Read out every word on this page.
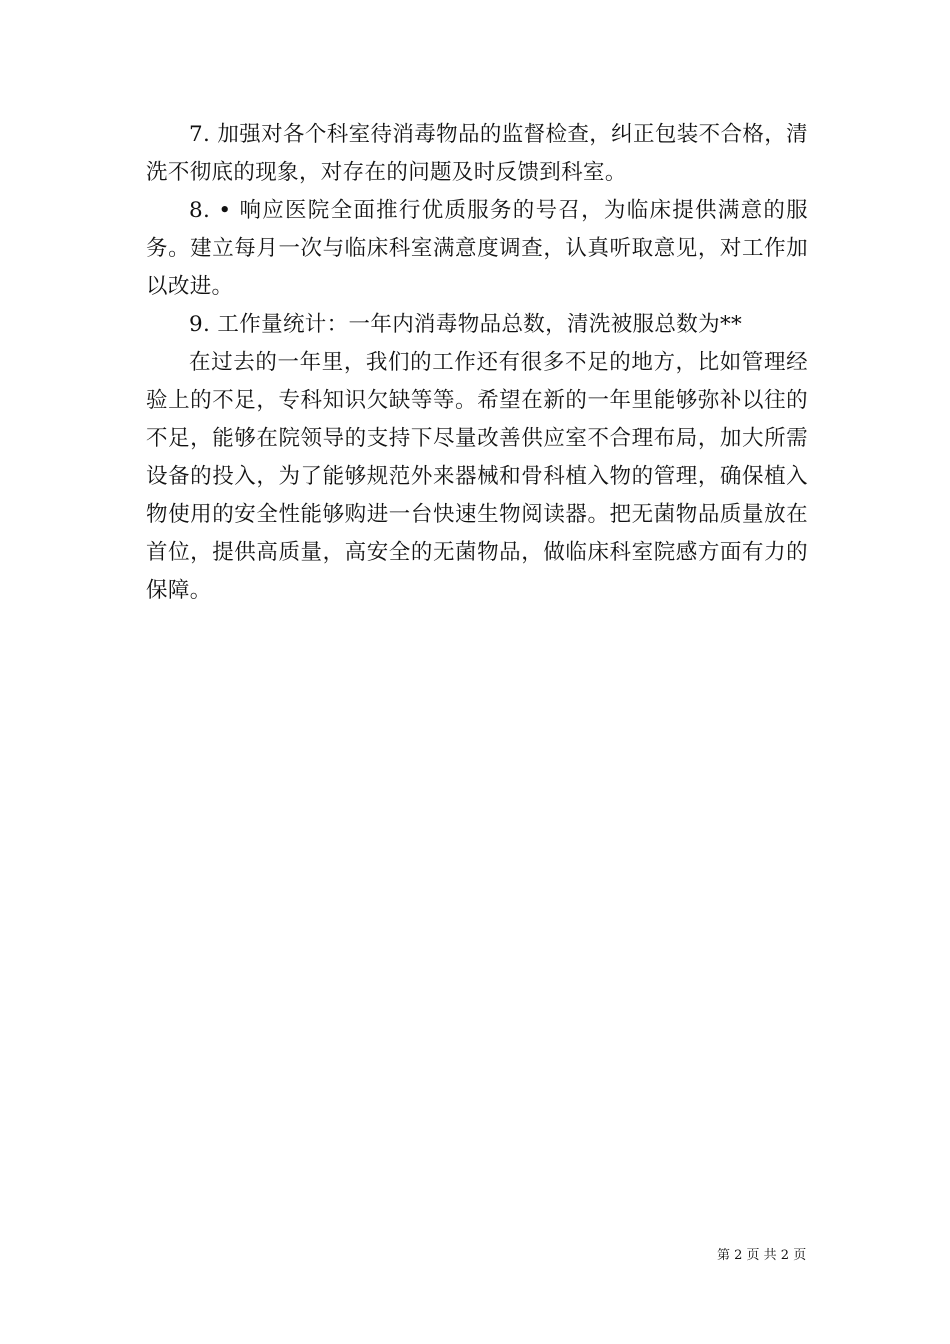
7. 加强对各个科室待消毒物品的监督检查，纠正包装不合格，清洗不彻底的现象，对存在的问题及时反馈到科室。

8. • 响应医院全面推行优质服务的号召，为临床提供满意的服务。建立每月一次与临床科室满意度调查，认真听取意见，对工作加以改进。

9. 工作量统计：一年内消毒物品总数，清洗被服总数为**

在过去的一年里，我们的工作还有很多不足的地方，比如管理经验上的不足，专科知识欠缺等等。希望在新的一年里能够弥补以往的不足，能够在院领导的支持下尽量改善供应室不合理布局，加大所需设备的投入，为了能够规范外来器械和骨科植入物的管理，确保植入物使用的安全性能够购进一台快速生物阅读器。把无菌物品质量放在首位，提供高质量，高安全的无菌物品，做临床科室院感方面有力的保障。

第 2 页 共 2 页
